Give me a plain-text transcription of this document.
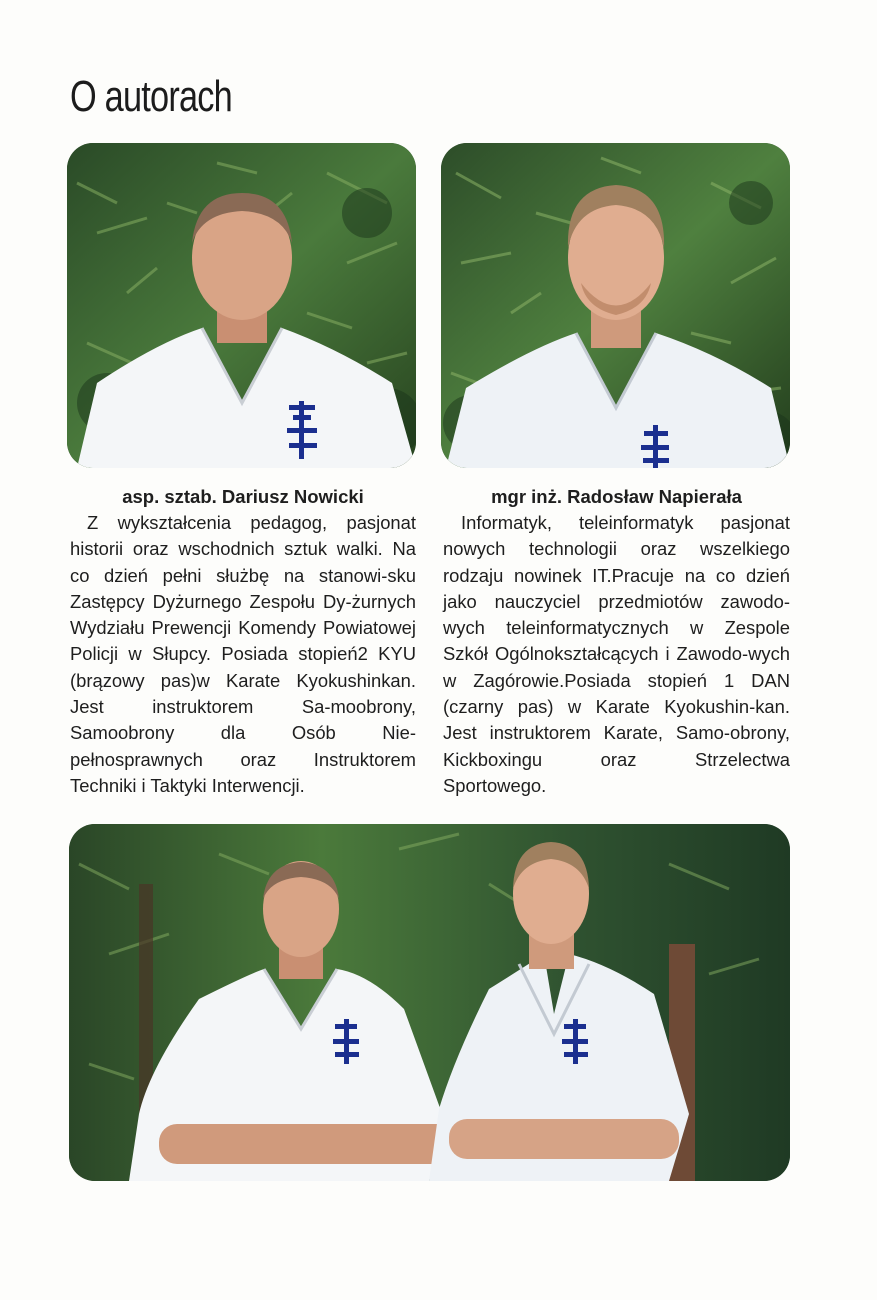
O autorach

asp. sztab. Dariusz Nowicki

Z wykształcenia pedagog, pasjonat historii oraz wschodnich sztuk walki. Na co dzień pełni służbę na stanowi-sku Zastępcy Dyżurnego Zespołu Dy-żurnych Wydziału Prewencji Komendy Powiatowej Policji w Słupcy. Posiada stopień2 KYU (brązowy pas)w Karate Kyokushinkan. Jest instruktorem Sa-moobrony, Samoobrony dla Osób Nie-pełnosprawnych oraz Instruktorem Techniki i Taktyki Interwencji.

mgr inż. Radosław Napierała

Informatyk, teleinformatyk pasjonat nowych technologii oraz wszelkiego rodzaju nowinek IT.Pracuje na co dzień jako nauczyciel przedmiotów zawodo-wych teleinformatycznych w Zespole Szkół Ogólnokształcących i Zawodo-wych w Zagórowie.Posiada stopień 1 DAN (czarny pas) w Karate Kyokushin-kan. Jest instruktorem Karate, Samo-obrony, Kickboxingu oraz Strzelectwa Sportowego.
